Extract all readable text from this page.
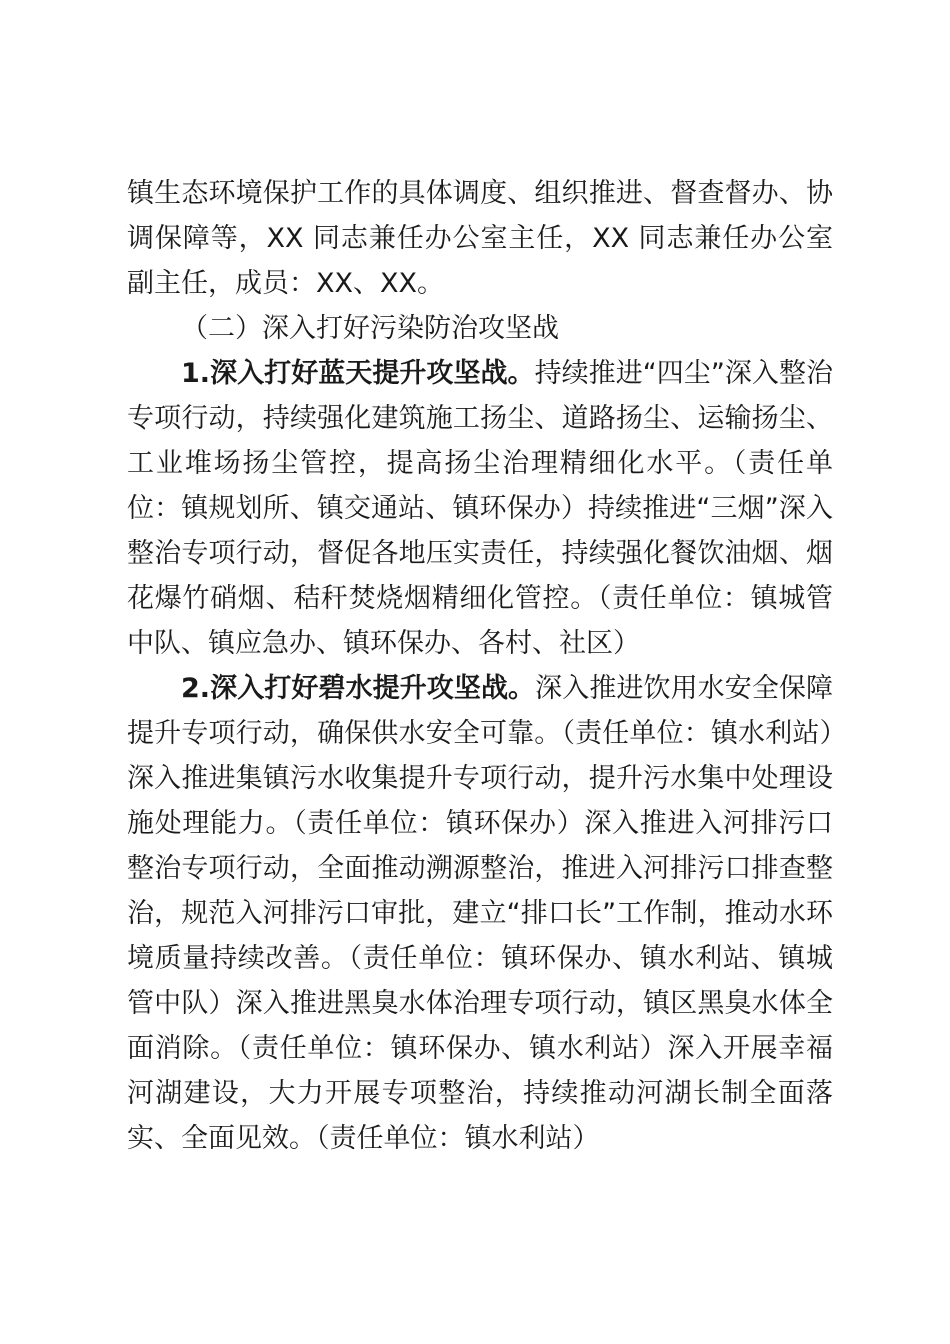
镇生态环境保护工作的具体调度、组织推进、督查督办、协调保障等，XX 同志兼任办公室主任，XX 同志兼任办公室副主任，成员：XX、XX。

（二）深入打好污染防治攻坚战

1.深入打好蓝天提升攻坚战。持续推进“四尘”深入整治专项行动，持续强化建筑施工扬尘、道路扬尘、运输扬尘、工业堆场扬尘管控，提高扬尘治理精细化水平。（责任单位：镇规划所、镇交通站、镇环保办）持续推进“三烟”深入整治专项行动，督促各地压实责任，持续强化餐饮油烟、烟花爆竹硝烟、秸秆焚烧烟精细化管控。（责任单位：镇城管中队、镇应急办、镇环保办、各村、社区）

2.深入打好碧水提升攻坚战。深入推进饮用水安全保障提升专项行动，确保供水安全可靠。（责任单位：镇水利站）深入推进集镇污水收集提升专项行动，提升污水集中处理设施处理能力。（责任单位：镇环保办）深入推进入河排污口整治专项行动，全面推动溯源整治，推进入河排污口排查整治，规范入河排污口审批，建立“排口长”工作制，推动水环境质量持续改善。（责任单位：镇环保办、镇水利站、镇城管中队）深入推进黑臭水体治理专项行动，镇区黑臭水体全面消除。（责任单位：镇环保办、镇水利站）深入开展幸福河湖建设，大力开展专项整治，持续推动河湖长制全面落实、全面见效。（责任单位：镇水利站）
